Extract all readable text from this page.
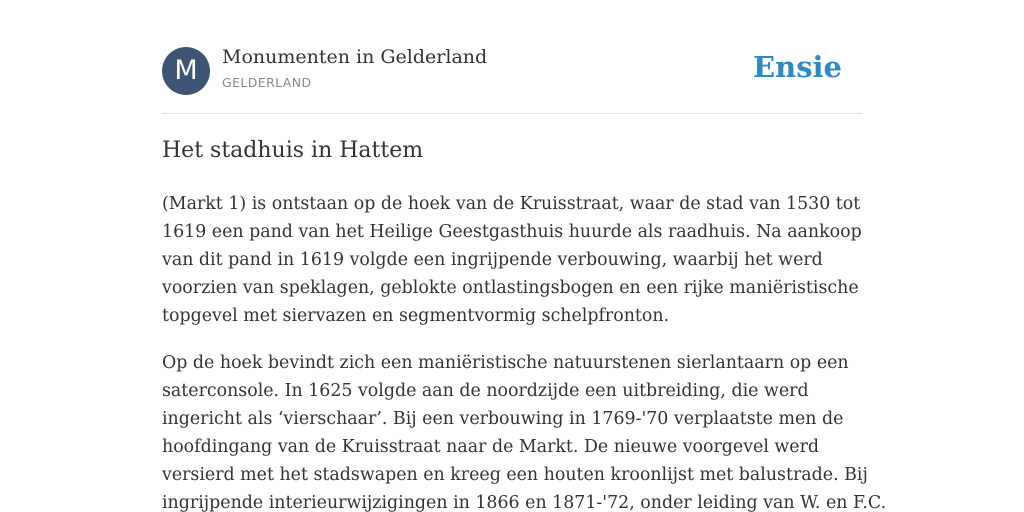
M	Monumenten in Gelderland
GELDERLAND	Ensie
Het stadhuis in Hattem

(Markt 1) is ontstaan op de hoek van de Kruisstraat, waar de stad van 1530 tot
1619 een pand van het Heilige Geestgasthuis huurde als raadhuis. Na aankoop
van dit pand in 1619 volgde een ingrijpende verbouwing, waarbij het werd
voorzien van speklagen, geblokte ontlastingsbogen en een rijke maniëristische
topgevel met siervazen en segmentvormig schelpfronton.

Op de hoek bevindt zich een maniëristische natuurstenen sierlantaarn op een
saterconsole. In 1625 volgde aan de noordzijde een uitbreiding, die werd
ingericht als ‘vierschaar’. Bij een verbouwing in 1769-'70 verplaatste men de
hoofdingang van de Kruisstraat naar de Markt. De nieuwe voorgevel werd
versierd met het stadswapen en kreeg een houten kroonlijst met balustrade. Bij
ingrijpende interieurwijzigingen in 1866 en 1871-'72, onder leiding van W. en F.C.
